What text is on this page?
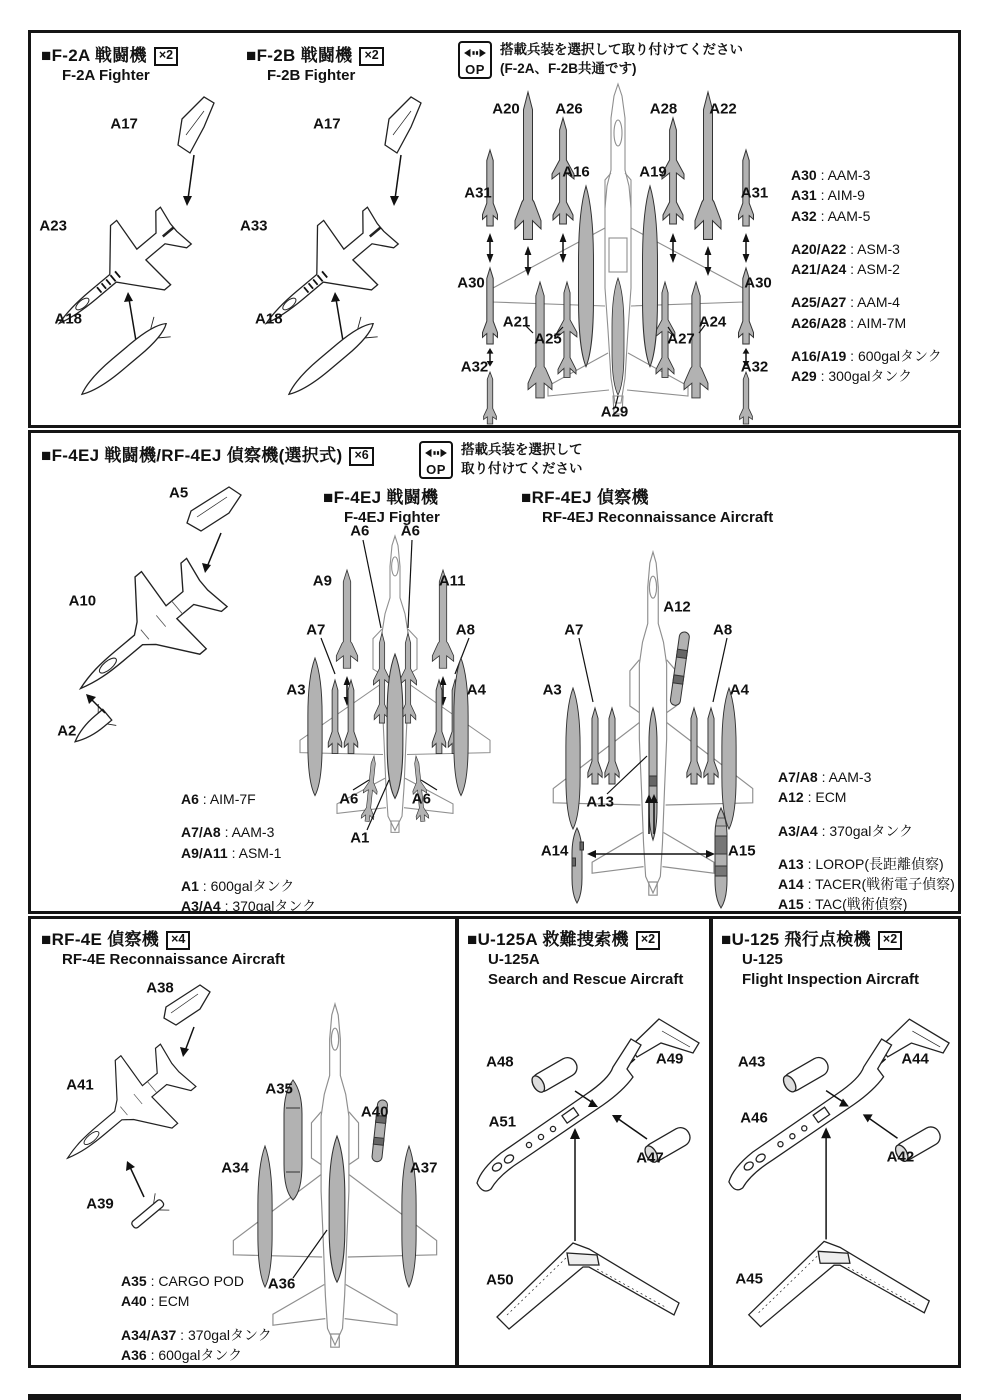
■F-2A 戦闘機 ×2
F-2A Fighter
■F-2B 戦闘機 ×2
F-2B Fighter	OP
搭載兵装を選択して取り付けてください
(F-2A、F-2B共通です)
A17
A23
A18
A17
A33
A18
A20 A26	A28 A22
A31
A16	A19
A31
A30	A30
A21
A25	A27
A24
A32	A32
A29
A30 : AAM-3
A31 : AIM-9
A32 : AAM-5
A20/A22 : ASM-3
A21/A24 : ASM-2
A25/A27 : AAM-4
A26/A28 : AIM-7M
A16/A19 : 600galタンク
A29 : 300galタンク
■F-4EJ 戦闘機/RF-4EJ 偵察機(選択式) ×6
OP
搭載兵装を選択して
取り付けてください
■F-4EJ 戦闘機
F-4EJ Fighter
■RF-4EJ 偵察機
RF-4EJ Reconnaissance Aircraft
A5
A10
A2
A6 A6
A9	A11
A7	A8
A3	A4
A6	A6
A1
A6 : AIM-7F
A7/A8 : AAM-3
A9/A11 : ASM-1
A1 : 600galタンク
A3/A4 : 370galタンク
A12
A7	A8
A3	A4
A13
A14	A15
A7/A8 : AAM-3
A12 : ECM
A3/A4 : 370galタンク
A13 : LOROP(長距離偵察)
A14 : TACER(戦術電子偵察)
A15 : TAC(戦術偵察)
■RF-4E 偵察機 ×4
RF-4E Reconnaissance Aircraft
A38
A41
A39
A35
A40
A34	A37
A36
A35 : CARGO POD
A40 : ECM
A34/A37 : 370galタンク
A36 : 600galタンク
■U-125A 救難捜索機 ×2
U-125A
Search and Rescue Aircraft
A48	A49
A51
A47
A50
■U-125 飛行点検機 ×2
U-125
Flight Inspection Aircraft
A43	A44
A46
A42
A45
